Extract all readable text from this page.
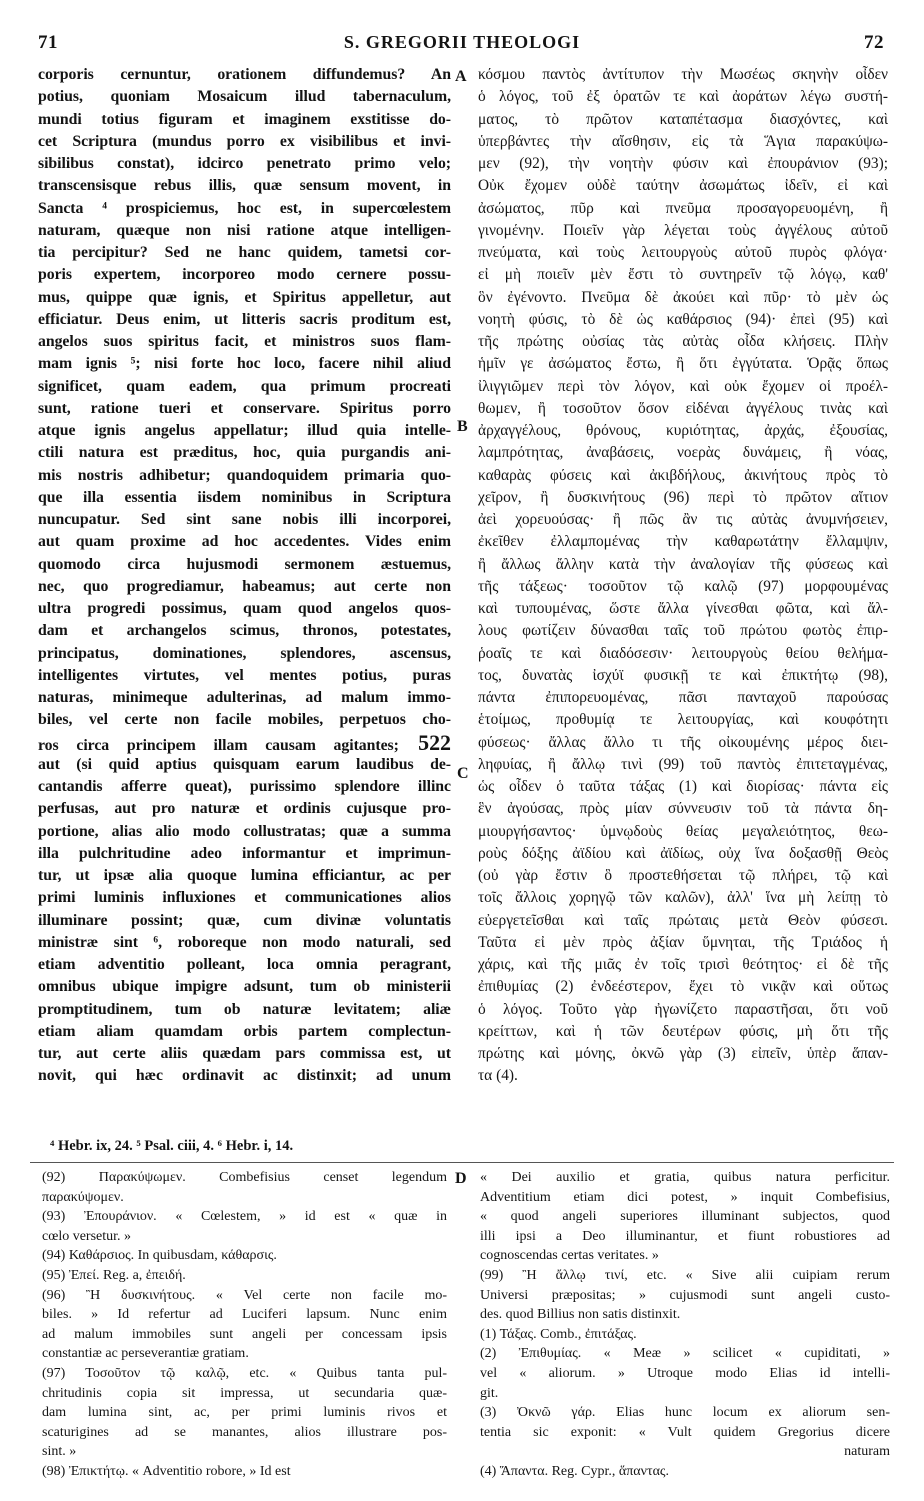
71	S. GREGORII THEOLOGI	72
A
B
C
D
corporis cernuntur, orationem diffundemus? An
potius, quoniam Mosaicum illud tabernaculum,
mundi totius figuram et imaginem exstitisse do-
cet Scriptura (mundus porro ex visibilibus et invi-
sibilibus constat), idcirco penetrato primo velo;
transcensisque rebus illis, quæ sensum movent, in
Sancta ⁴ prospiciemus, hoc est, in supercœlestem
naturam, quæque non nisi ratione atque intelligen-
tia percipitur? Sed ne hanc quidem, tametsi cor-
poris expertem, incorporeo modo cernere possu-
mus, quippe quæ ignis, et Spiritus appelletur, aut
efficiatur. Deus enim, ut litteris sacris proditum est,
angelos suos spiritus facit, et ministros suos flam-
mam ignis ⁵; nisi forte hoc loco, facere nihil aliud
significet, quam eadem, qua primum procreati
sunt, ratione tueri et conservare. Spiritus porro
atque ignis angelus appellatur; illud quia intelle-
ctili natura est præditus, hoc, quia purgandis ani-
mis nostris adhibetur; quandoquidem primaria quo-
que illa essentia iisdem nominibus in Scriptura
nuncupatur. Sed sint sane nobis illi incorporei,
aut quam proxime ad hoc accedentes. Vides enim
quomodo circa hujusmodi sermonem æstuemus,
nec, quo progrediamur, habeamus; aut certe non
ultra progredi possimus, quam quod angelos quos-
dam et archangelos scimus, thronos, potestates,
principatus, dominationes, splendores, ascensus,
intelligentes virtutes, vel mentes potius, puras
naturas, minimeque adulterinas, ad malum immo-
biles, vel certe non facile mobiles, perpetuos cho-
ros circa principem illam causam agitantes; 522
aut (si quid aptius quisquam earum laudibus de-
cantandis afferre queat), purissimo splendore illinc
perfusas, aut pro naturæ et ordinis cujusque pro-
portione, alias alio modo collustratas; quæ a summa
illa pulchritudine adeo informantur et imprimun-
tur, ut ipsæ alia quoque lumina efficiantur, ac per
primi luminis influxiones et communicationes alios
illuminare possint; quæ, cum divinæ voluntatis
ministræ sint ⁶, roboreque non modo naturali, sed
etiam adventitio polleant, loca omnia peragrant,
omnibus ubique impigre adsunt, tum ob ministerii
promptitudinem, tum ob naturæ levitatem; aliæ
etiam aliam quamdam orbis partem complectun-
tur, aut certe aliis quædam pars commissa est, ut
novit, qui hæc ordinavit ac distinxit; ad unum
κόσμου παντὸς ἀντίτυπον τὴν Μωσέως σκηνὴν οἶδεν
ὁ λόγος, τοῦ ἐξ ὁρατῶν τε καὶ ἀοράτων λέγω συστή-
ματος, τὸ πρῶτον καταπέτασμα διασχόντες, καὶ
ὑπερβάντες τὴν αἴσθησιν, εἰς τὰ Ἅγια παρακύψω-
μεν (92), τὴν νοητὴν φύσιν καὶ ἐπουράνιον (93);
Οὐκ ἔχομεν οὐδὲ ταύτην ἀσωμάτως ἰδεῖν, εἰ καὶ
ἀσώματος, πῦρ καὶ πνεῦμα προσαγορευομένη, ἢ
γινομένην. Ποιεῖν γὰρ λέγεται τοὺς ἀγγέλους αὐτοῦ
πνεύματα, καὶ τοὺς λειτουργοὺς αὐτοῦ πυρὸς φλόγα·
εἰ μὴ ποιεῖν μὲν ἔστι τὸ συντηρεῖν τῷ λόγῳ, καθ'
ὃν ἐγένοντο. Πνεῦμα δὲ ἀκούει καὶ πῦρ· τὸ μὲν ὡς
νοητὴ φύσις, τὸ δὲ ὡς καθάρσιος (94)· ἐπεὶ (95) καὶ
τῆς πρώτης οὐσίας τὰς αὐτὰς οἶδα κλήσεις. Πλὴν
ἡμῖν γε ἀσώματος ἔστω, ἢ ὅτι ἐγγύτατα. Ὁρᾷς ὅπως
ἰλιγγιῶμεν περὶ τὸν λόγον, καὶ οὐκ ἔχομεν οἱ προέλ-
θωμεν, ἢ τοσοῦτον ὅσον εἰδέναι ἀγγέλους τινὰς καὶ
ἀρχαγγέλους, θρόνους, κυριότητας, ἀρχάς, ἐξουσίας,
λαμπρότητας, ἀναβάσεις, νοερὰς δυνάμεις, ἢ νόας,
καθαρὰς φύσεις καὶ ἀκιβδήλους, ἀκινήτους πρὸς τὸ
χεῖρον, ἢ δυσκινήτους (96) περὶ τὸ πρῶτον αἴτιον
ἀεὶ χορευούσας· ἢ πῶς ἂν τις αὐτὰς ἀνυμνήσειεν,
ἐκεῖθεν ἐλλαμπομένας τὴν καθαρωτάτην ἔλλαμψιν,
ἢ ἄλλως ἄλλην κατὰ τὴν ἀναλογίαν τῆς φύσεως καὶ
τῆς τάξεως· τοσοῦτον τῷ καλῷ (97) μορφουμένας
καὶ τυπουμένας, ὥστε ἄλλα γίνεσθαι φῶτα, καὶ ἄλ-
λους φωτίζειν δύνασθαι ταῖς τοῦ πρώτου φωτὸς ἐπιρ-
ῥοαῖς τε καὶ διαδόσεσιν· λειτουργοὺς θείου θελήμα-
τος, δυνατὰς ἰσχύϊ φυσικῇ τε καὶ ἐπικτήτῳ (98),
πάντα ἐπιπορευομένας, πᾶσι πανταχοῦ παρούσας
ἑτοίμως, προθυμίᾳ τε λειτουργίας, καὶ κουφότητι
φύσεως· ἄλλας ἄλλο τι τῆς οἰκουμένης μέρος διει-
ληφυίας, ἢ ἄλλῳ τινὶ (99) τοῦ παντὸς ἐπιτεταγμένας,
ὡς οἶδεν ὁ ταῦτα τάξας (1) καὶ διορίσας· πάντα εἰς
ἓν ἀγούσας, πρὸς μίαν σύννευσιν τοῦ τὰ πάντα δη-
μιουργήσαντος· ὑμνῳδοὺς θείας μεγαλειότητος, θεω-
ροὺς δόξης ἀϊδίου καὶ ἀϊδίως, οὐχ ἵνα δοξασθῇ Θεὸς
(οὐ γὰρ ἔστιν ὃ προστεθήσεται τῷ πλήρει, τῷ καὶ
τοῖς ἄλλοις χορηγῷ τῶν καλῶν), ἀλλ' ἵνα μὴ λείπῃ τὸ
εὐεργετεῖσθαι καὶ ταῖς πρώταις μετὰ Θεὸν φύσεσι.
Ταῦτα εἰ μὲν πρὸς ἀξίαν ὕμνηται, τῆς Τριάδος ἡ
χάρις, καὶ τῆς μιᾶς ἐν τοῖς τρισὶ θεότητος· εἰ δὲ τῆς
ἐπιθυμίας (2) ἐνδεέστερον, ἔχει τὸ νικᾷν καὶ οὕτως
ὁ λόγος. Τοῦτο γὰρ ἠγωνίζετο παραστῆσαι, ὅτι νοῦ
κρείττων, καὶ ἡ τῶν δευτέρων φύσις, μὴ ὅτι τῆς
πρώτης καὶ μόνης, ὀκνῶ γὰρ (3) εἰπεῖν, ὑπὲρ ἅπαν-
τα (4).
⁴ Hebr. ix, 24. ⁵ Psal. ciii, 4. ⁶ Hebr. i, 14.
(92) Παρακύψωμεν. Combefisius censet legendum
παρακύψομεν.
(93) Ἐπουράνιον. « Cœlestem, » id est « quæ in
cœlo versetur. »
(94) Καθάρσιος. In quibusdam, κάθαρσις.
(95) Ἐπεί. Reg. a, ἐπειδή.
(96) Ἢ δυσκινήτους. « Vel certe non facile mo-
biles. » Id refertur ad Luciferi lapsum. Nunc enim
ad malum immobiles sunt angeli per concessam ipsis
constantiæ ac perseverantiæ gratiam.
(97) Τοσοῦτον τῷ καλῷ, etc. « Quibus tanta pul-
chritudinis copia sit impressa, ut secundaria quæ-
dam lumina sint, ac, per primi luminis rivos et
scaturigines ad se manantes, alios illustrare pos-
sint. »
(98) Ἐπικτήτῳ. « Adventitio robore, » Id est
« Dei auxilio et gratia, quibus natura perficitur.
Adventitium etiam dici potest, » inquit Combefisius,
« quod angeli superiores illuminant subjectos, quod
illi ipsi a Deo illuminantur, et fiunt robustiores ad
cognoscendas certas veritates. »
(99) Ἢ ἄλλῳ τινί, etc. « Sive alii cuipiam rerum
Universi præpositas; » cujusmodi sunt angeli custo-
des. quod Billius non satis distinxit.
(1) Τάξας. Comb., ἐπιτάξας.
(2) Ἐπιθυμίας. « Meæ » scilicet « cupiditati, »
vel « aliorum. » Utroque modo Elias id intelli-
git.
(3) Ὀκνῶ γάρ. Elias hunc locum ex aliorum sen-
tentia sic exponit: « Vult quidem Gregorius dicere
naturam
(4) Ἅπαντα. Reg. Cypr., ἅπαντας.
